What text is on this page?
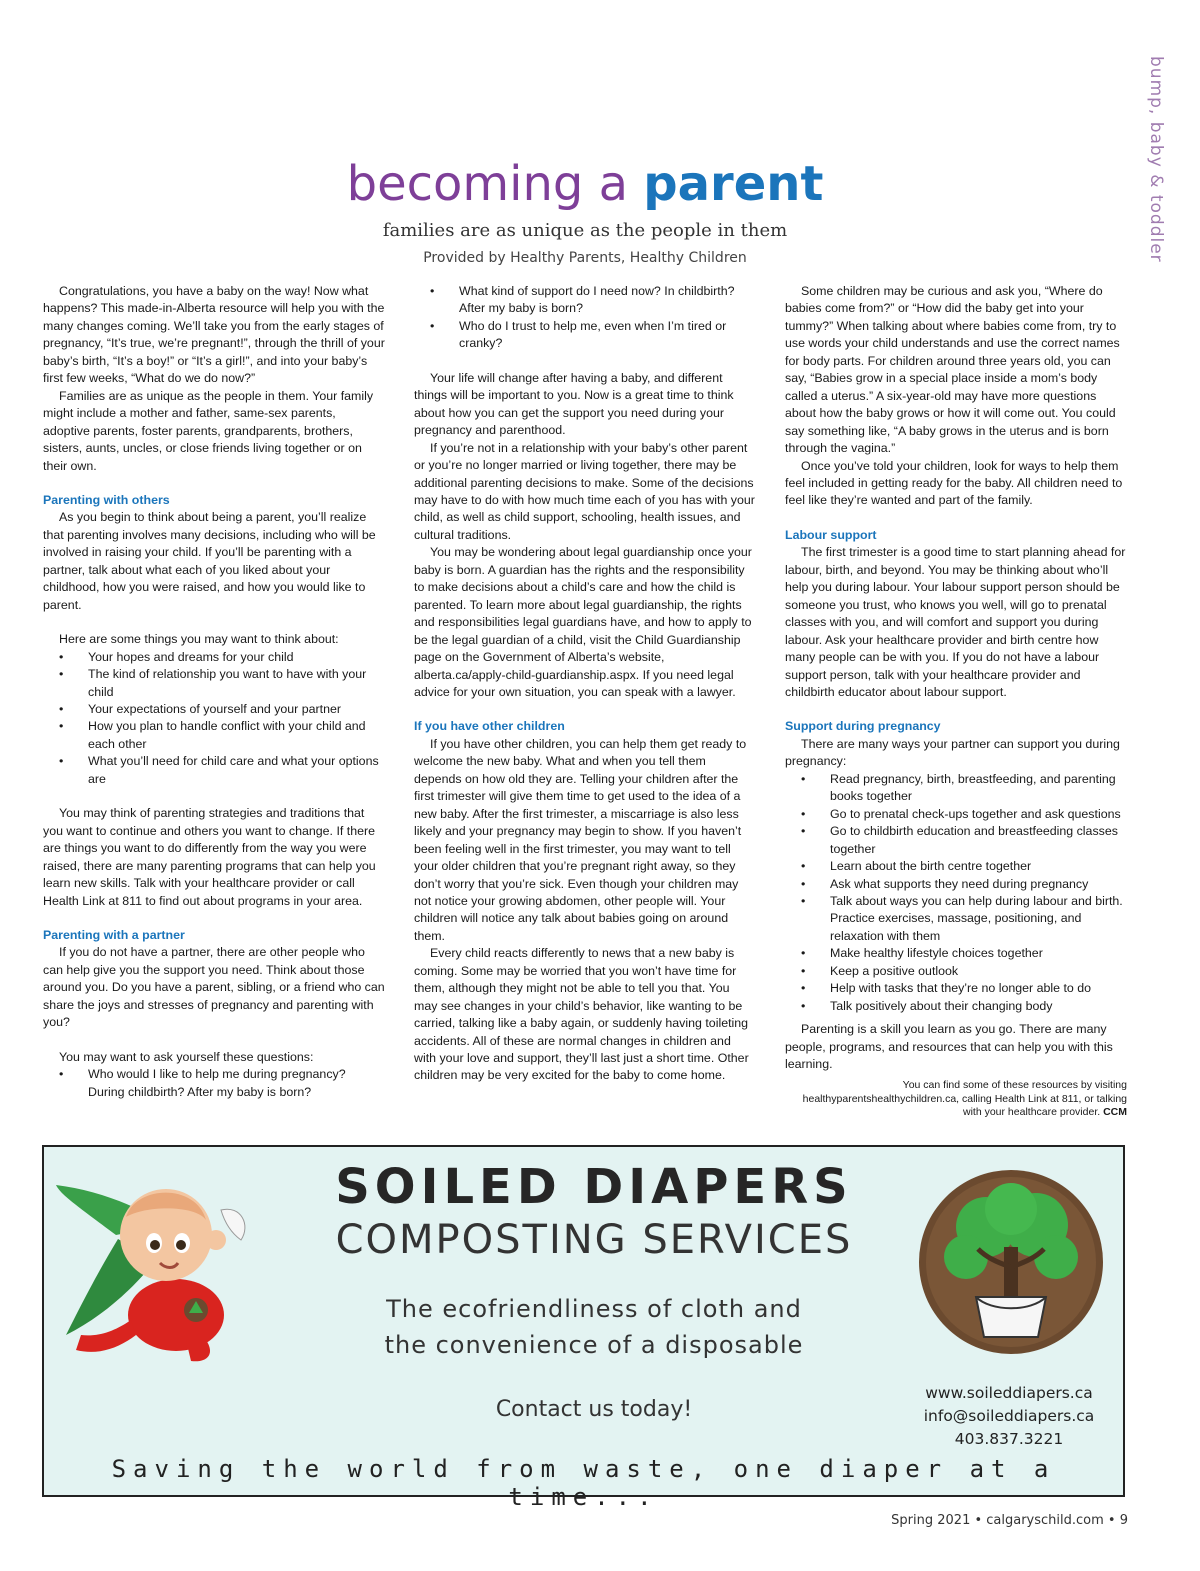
bump, baby & toddler
becoming a parent
families are as unique as the people in them
Provided by Healthy Parents, Healthy Children

Congratulations, you have a baby on the way! Now what happens? This made-in-Alberta resource will help you with the many changes coming. We’ll take you from the early stages of pregnancy, “It’s true, we’re pregnant!”, through the thrill of your baby’s birth, “It’s a boy!” or “It’s a girl!”, and into your baby’s first few weeks, “What do we do now?”

Families are as unique as the people in them. Your family might include a mother and father, same-sex parents, adoptive parents, foster parents, grandparents, brothers, sisters, aunts, uncles, or close friends living together or on their own.

Parenting with others

As you begin to think about being a parent, you’ll realize that parenting involves many decisions, including who will be involved in raising your child. If you’ll be parenting with a partner, talk about what each of you liked about your childhood, how you were raised, and how you would like to parent.

Here are some things you may want to think about:

• Your hopes and dreams for your child
• The kind of relationship you want to have with your child
• Your expectations of yourself and your partner
• How you plan to handle conflict with your child and each other
• What you’ll need for child care and what your options are

You may think of parenting strategies and traditions that you want to continue and others you want to change. If there are things you want to do differently from the way you were raised, there are many parenting programs that can help you learn new skills. Talk with your healthcare provider or call Health Link at 811 to find out about programs in your area.

Parenting with a partner

If you do not have a partner, there are other people who can help give you the support you need. Think about those around you. Do you have a parent, sibling, or a friend who can share the joys and stresses of pregnancy and parenting with you?

You may want to ask yourself these questions:

• Who would I like to help me during pregnancy? During childbirth? After my baby is born?
• What kind of support do I need now? In childbirth? After my baby is born?
• Who do I trust to help me, even when I’m tired or cranky?

Your life will change after having a baby, and different things will be important to you. Now is a great time to think about how you can get the support you need during your pregnancy and parenthood.

If you’re not in a relationship with your baby’s other parent or you’re no longer married or living together, there may be additional parenting decisions to make. Some of the decisions may have to do with how much time each of you has with your child, as well as child support, schooling, health issues, and cultural traditions.

You may be wondering about legal guardianship once your baby is born. A guardian has the rights and the responsibility to make decisions about a child’s care and how the child is parented. To learn more about legal guardianship, the rights and responsibilities legal guardians have, and how to apply to be the legal guardian of a child, visit the Child Guardianship page on the Government of Alberta’s website, alberta.ca/apply-child-guardianship.aspx. If you need legal advice for your own situation, you can speak with a lawyer.

If you have other children

If you have other children, you can help them get ready to welcome the new baby. What and when you tell them depends on how old they are. Telling your children after the first trimester will give them time to get used to the idea of a new baby. After the first trimester, a miscarriage is also less likely and your pregnancy may begin to show. If you haven’t been feeling well in the first trimester, you may want to tell your older children that you’re pregnant right away, so they don’t worry that you’re sick. Even though your children may not notice your growing abdomen, other people will. Your children will notice any talk about babies going on around them.

Every child reacts differently to news that a new baby is coming. Some may be worried that you won’t have time for them, although they might not be able to tell you that. You may see changes in your child’s behavior, like wanting to be carried, talking like a baby again, or suddenly having toileting accidents. All of these are normal changes in children and with your love and support, they’ll last just a short time. Other children may be very excited for the baby to come home.

Some children may be curious and ask you, “Where do babies come from?” or “How did the baby get into your tummy?” When talking about where babies come from, try to use words your child understands and use the correct names for body parts. For children around three years old, you can say, “Babies grow in a special place inside a mom’s body called a uterus.” A six-year-old may have more questions about how the baby grows or how it will come out. You could say something like, “A baby grows in the uterus and is born through the vagina.”

Once you’ve told your children, look for ways to help them feel included in getting ready for the baby. All children need to feel like they’re wanted and part of the family.

Labour support

The first trimester is a good time to start planning ahead for labour, birth, and beyond. You may be thinking about who’ll help you during labour. Your labour support person should be someone you trust, who knows you well, will go to prenatal classes with you, and will comfort and support you during labour. Ask your healthcare provider and birth centre how many people can be with you. If you do not have a labour support person, talk with your healthcare provider and childbirth educator about labour support.

Support during pregnancy

There are many ways your partner can support you during pregnancy:

• Read pregnancy, birth, breastfeeding, and parenting books together
• Go to prenatal check-ups together and ask questions
• Go to childbirth education and breastfeeding classes together
• Learn about the birth centre together
• Ask what supports they need during pregnancy
• Talk about ways you can help during labour and birth. Practice exercises, massage, positioning, and relaxation with them
• Make healthy lifestyle choices together
• Keep a positive outlook
• Help with tasks that they’re no longer able to do
• Talk positively about their changing body

Parenting is a skill you learn as you go. There are many people, programs, and resources that can help you with this learning.

You can find some of these resources by visiting healthyparentshealthychildren.ca, calling Health Link at 811, or talking with your healthcare provider. CCM
SOILED DIAPERS
COMPOSTING SERVICES
The ecofriendliness of cloth and
the convenience of a disposable
Contact us today!
www.soileddiapers.ca
info@soileddiapers.ca
403.837.3221
Saving the world from waste, one diaper at a time...
Spring 2021 • calgaryschild.com • 9
